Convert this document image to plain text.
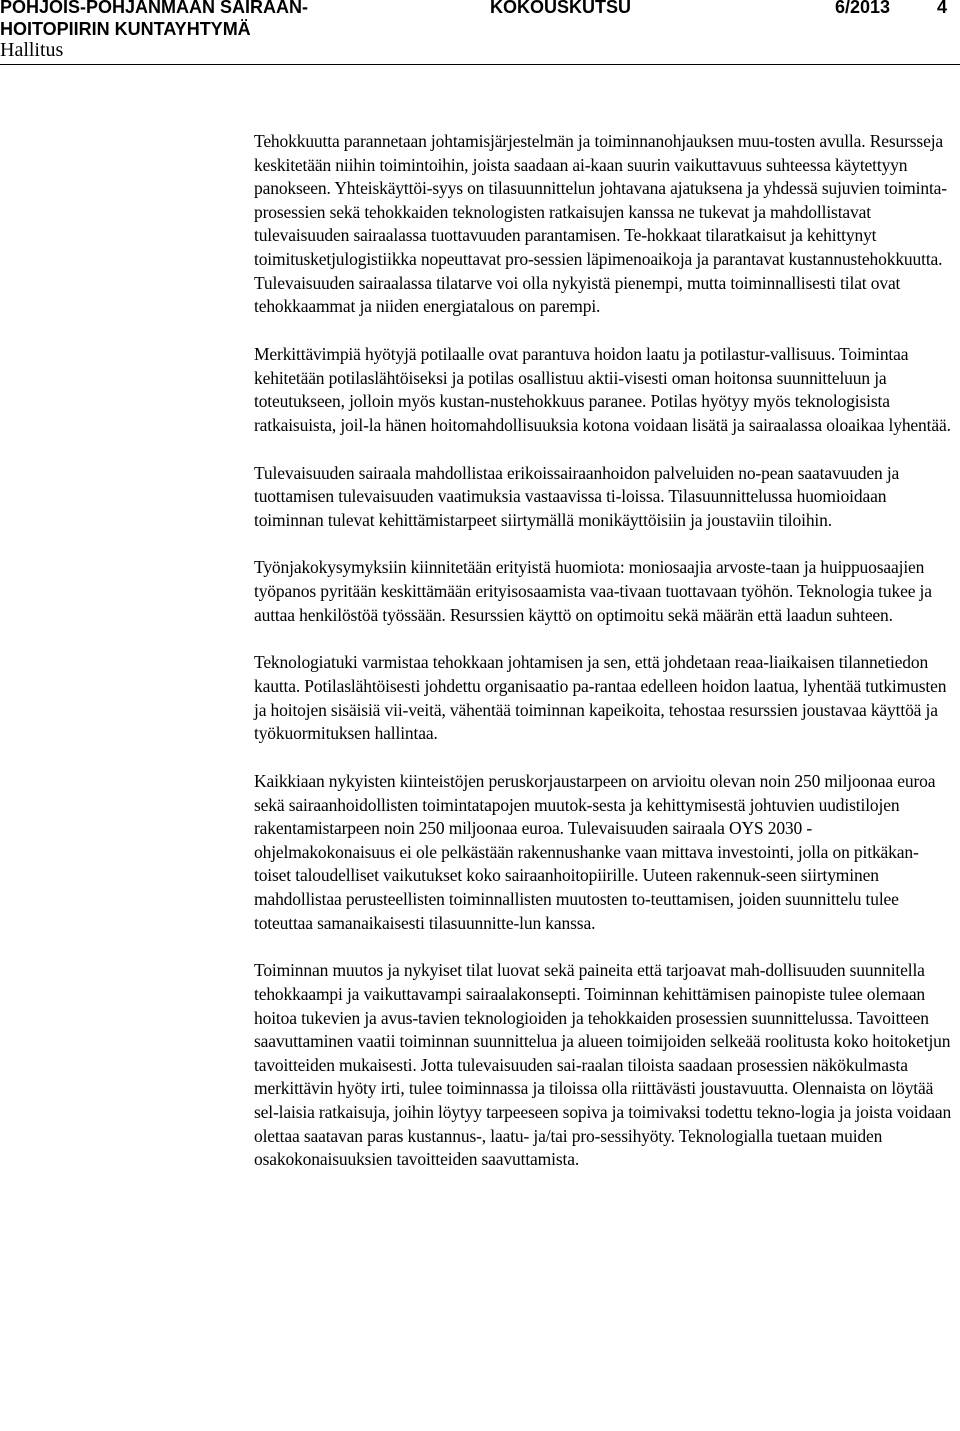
POHJOIS-POHJANMAAN SAIRAAN-
HOITOPIIRIN KUNTAYHTYMÄ
KOKOUSKUTSU	6/2013	4
Hallitus

Tehokkuutta parannetaan johtamisjärjestelmän ja toiminnanohjauksen muu-tosten avulla. Resursseja keskitetään niihin toimintoihin, joista saadaan ai-kaan suurin vaikuttavuus suhteessa käytettyyn panokseen. Yhteiskäyttöi-syys on tilasuunnittelun johtavana ajatuksena ja yhdessä sujuvien toiminta-prosessien sekä tehokkaiden teknologisten ratkaisujen kanssa ne tukevat ja mahdollistavat tulevaisuuden sairaalassa tuottavuuden parantamisen. Te-hokkaat tilaratkaisut ja kehittynyt toimitusketjulogistiikka nopeuttavat pro-sessien läpimenoaikoja ja parantavat kustannustehokkuutta. Tulevaisuuden sairaalassa tilatarve voi olla nykyistä pienempi, mutta toiminnallisesti tilat ovat tehokkaammat ja niiden energiatalous on parempi.

Merkittävimpiä hyötyjä potilaalle ovat parantuva hoidon laatu ja potilastur-vallisuus. Toimintaa kehitetään potilaslähtöiseksi ja potilas osallistuu aktii-visesti oman hoitonsa suunnitteluun ja toteutukseen, jolloin myös kustan-nustehokkuus paranee. Potilas hyötyy myös teknologisista ratkaisuista, joil-la hänen hoitomahdollisuuksia kotona voidaan lisätä ja sairaalassa oloaikaa lyhentää.

Tulevaisuuden sairaala mahdollistaa erikoissairaanhoidon palveluiden no-pean saatavuuden ja tuottamisen tulevaisuuden vaatimuksia vastaavissa ti-loissa. Tilasuunnittelussa huomioidaan toiminnan tulevat kehittämistarpeet siirtymällä monikäyttöisiin ja joustaviin tiloihin.

Työnjakokysymyksiin kiinnitetään erityistä huomiota: moniosaajia arvoste-taan ja huippuosaajien työpanos pyritään keskittämään erityisosaamista vaa-tivaan tuottavaan työhön. Teknologia tukee ja auttaa henkilöstöä työssään. Resurssien käyttö on optimoitu sekä määrän että laadun suhteen.

Teknologiatuki varmistaa tehokkaan johtamisen ja sen, että johdetaan reaa-liaikaisen tilannetiedon kautta. Potilaslähtöisesti johdettu organisaatio pa-rantaa edelleen hoidon laatua, lyhentää tutkimusten ja hoitojen sisäisiä vii-veitä, vähentää toiminnan kapeikoita, tehostaa resurssien joustavaa käyttöä ja työkuormituksen hallintaa.

Kaikkiaan nykyisten kiinteistöjen peruskorjaustarpeen on arvioitu olevan noin 250 miljoonaa euroa sekä sairaanhoidollisten toimintatapojen muutok-sesta ja kehittymisestä johtuvien uudistilojen rakentamistarpeen noin 250 miljoonaa euroa. Tulevaisuuden sairaala OYS 2030 -ohjelmakokonaisuus ei ole pelkästään rakennushanke vaan mittava investointi, jolla on pitkäkan-toiset taloudelliset vaikutukset koko sairaanhoitopiirille. Uuteen rakennuk-seen siirtyminen mahdollistaa perusteellisten toiminnallisten muutosten to-teuttamisen, joiden suunnittelu tulee toteuttaa samanaikaisesti tilasuunnitte-lun kanssa.

Toiminnan muutos ja nykyiset tilat luovat sekä paineita että tarjoavat mah-dollisuuden suunnitella tehokkaampi ja vaikuttavampi sairaalakonsepti. Toiminnan kehittämisen painopiste tulee olemaan hoitoa tukevien ja avus-tavien teknologioiden ja tehokkaiden prosessien suunnittelussa. Tavoitteen saavuttaminen vaatii toiminnan suunnittelua ja alueen toimijoiden selkeää roolitusta koko hoitoketjun tavoitteiden mukaisesti. Jotta tulevaisuuden sai-raalan tiloista saadaan prosessien näkökulmasta merkittävin hyöty irti, tulee toiminnassa ja tiloissa olla riittävästi joustavuutta. Olennaista on löytää sel-laisia ratkaisuja, joihin löytyy tarpeeseen sopiva ja toimivaksi todettu tekno-logia ja joista voidaan olettaa saatavan paras kustannus-, laatu- ja/tai pro-sessihyöty. Teknologialla tuetaan muiden osakokonaisuuksien tavoitteiden saavuttamista.
